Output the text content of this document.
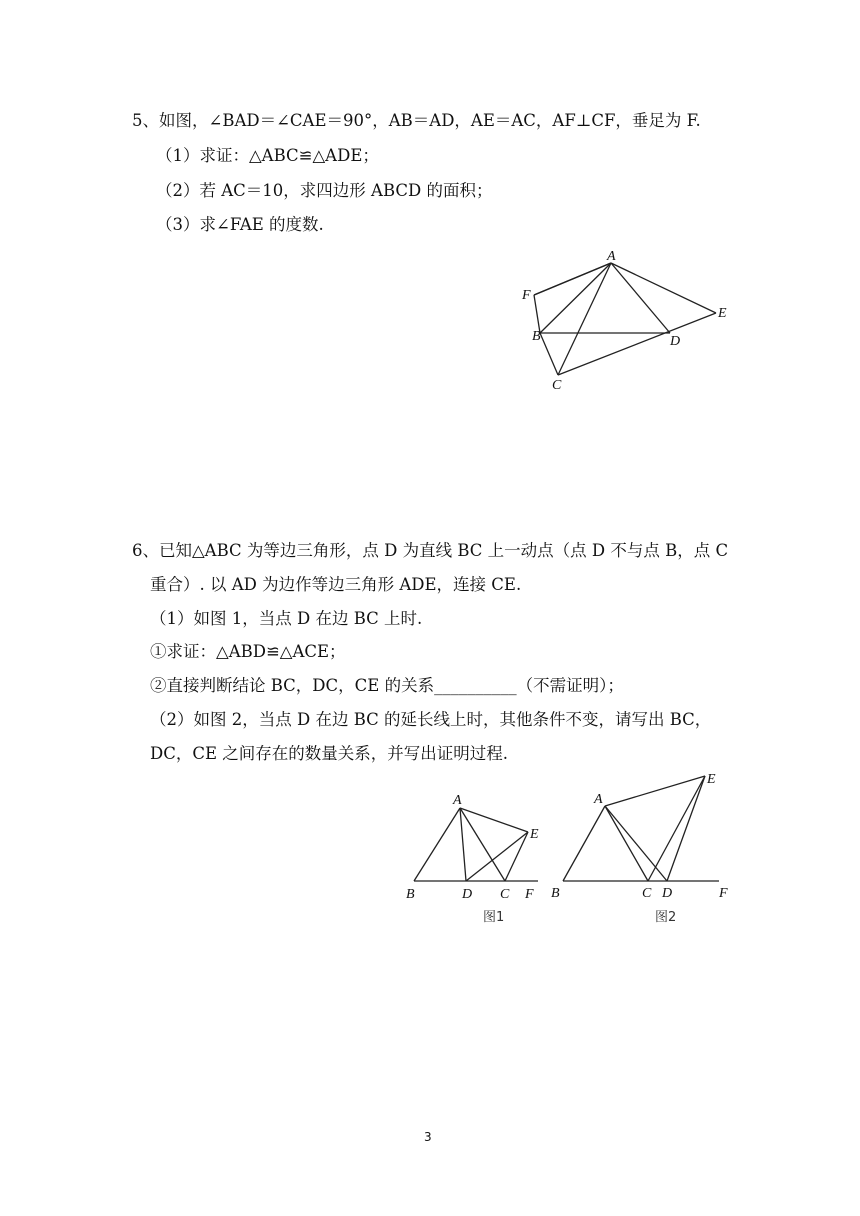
5、如图，∠BAD＝∠CAE＝90°，AB＝AD，AE＝AC，AF⊥CF，垂足为 F.
（1）求证：△ABC≌△ADE；
（2）若 AC＝10，求四边形 ABCD 的面积；
（3）求∠FAE 的度数.
A
F
E
B	D
C
6、已知△ABC 为等边三角形，点 D 为直线 BC 上一动点（点 D 不与点 B，点 C
重合）. 以 AD 为边作等边三角形 ADE，连接 CE.
（1）如图 1，当点 D 在边 BC 上时.
①求证：△ABD≌△ACE；
②直接判断结论 BC，DC，CE 的关系__________（不需证明）；
（2）如图 2，当点 D 在边 BC 的延长线上时，其他条件不变，请写出 BC，
DC，CE 之间存在的数量关系，并写出证明过程.
A
E
B	D C F
图1
A
E
B	C D	F
图2
3
